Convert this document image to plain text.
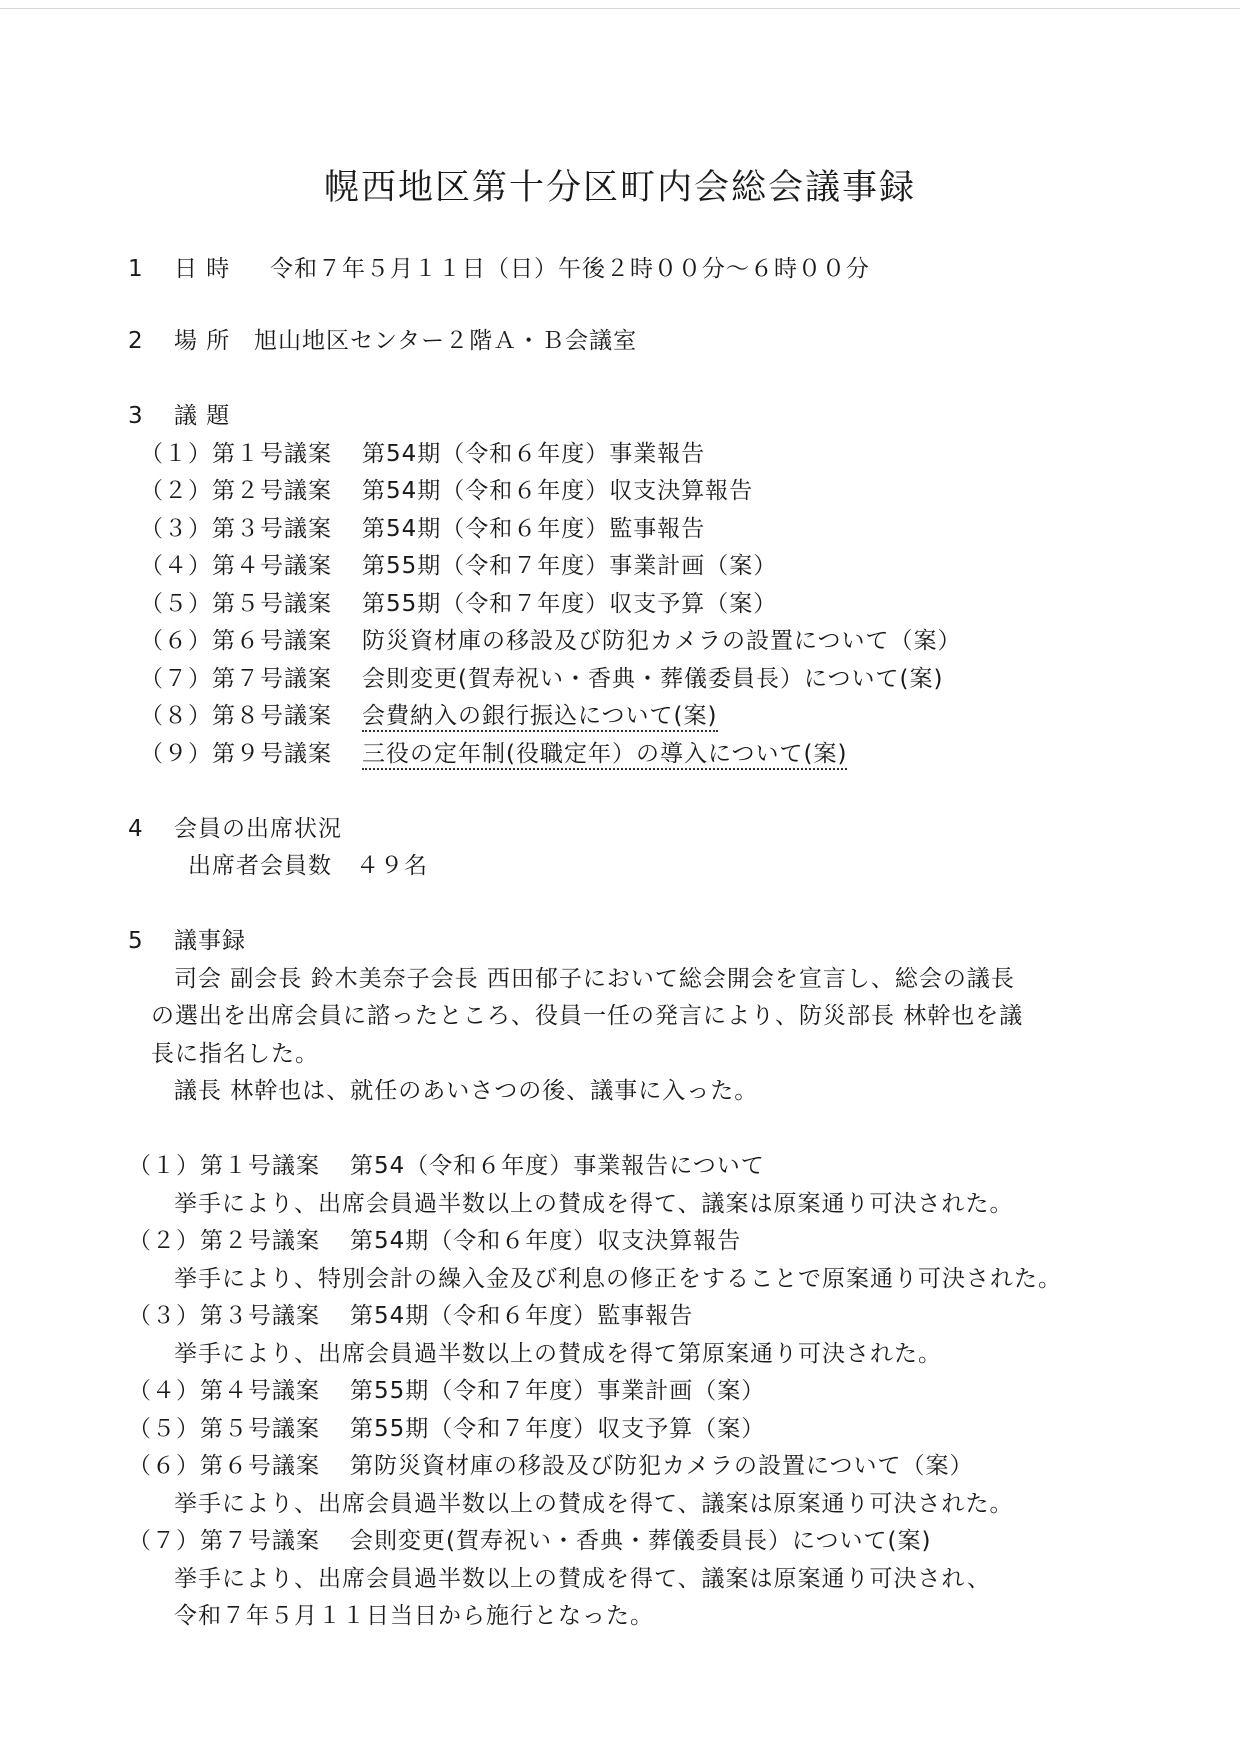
幌西地区第十分区町内会総会議事録
1 日 時 令和７年５月１１日（日）午後２時００分～６時００分
2 場 所 旭山地区センター２階Ａ・Ｂ会議室
3 議 題
（１）第１号議案 第54期（令和６年度）事業報告
（２）第２号議案 第54期（令和６年度）収支決算報告
（３）第３号議案 第54期（令和６年度）監事報告
（４）第４号議案 第55期（令和７年度）事業計画（案）
（５）第５号議案 第55期（令和７年度）収支予算（案）
（６）第６号議案 防災資材庫の移設及び防犯カメラの設置について（案）
（７）第７号議案 会則変更(賀寿祝い・香典・葬儀委員長）について(案)
（８）第８号議案 会費納入の銀行振込について(案)
（９）第９号議案 三役の定年制(役職定年）の導入について(案)
4 会員の出席状況
出席者会員数　４９名
5 議事録
司会 副会長 鈴木美奈子会長 西田郁子において総会開会を宣言し、総会の議長
の選出を出席会員に諮ったところ、役員一任の発言により、防災部長 林幹也を議
長に指名した。
議長 林幹也は、就任のあいさつの後、議事に入った。
（１）第１号議案 第54（令和６年度）事業報告について
挙手により、出席会員過半数以上の賛成を得て、議案は原案通り可決された。
（２）第２号議案 第54期（令和６年度）収支決算報告
挙手により、特別会計の繰入金及び利息の修正をすることで原案通り可決された。
（３）第３号議案 第54期（令和６年度）監事報告
挙手により、出席会員過半数以上の賛成を得て第原案通り可決された。
（４）第４号議案 第55期（令和７年度）事業計画（案）
（５）第５号議案 第55期（令和７年度）収支予算（案）
（６）第６号議案 第防災資材庫の移設及び防犯カメラの設置について（案）
挙手により、出席会員過半数以上の賛成を得て、議案は原案通り可決された。
（７）第７号議案 会則変更(賀寿祝い・香典・葬儀委員長）について(案)
挙手により、出席会員過半数以上の賛成を得て、議案は原案通り可決され、
令和７年５月１１日当日から施行となった。
